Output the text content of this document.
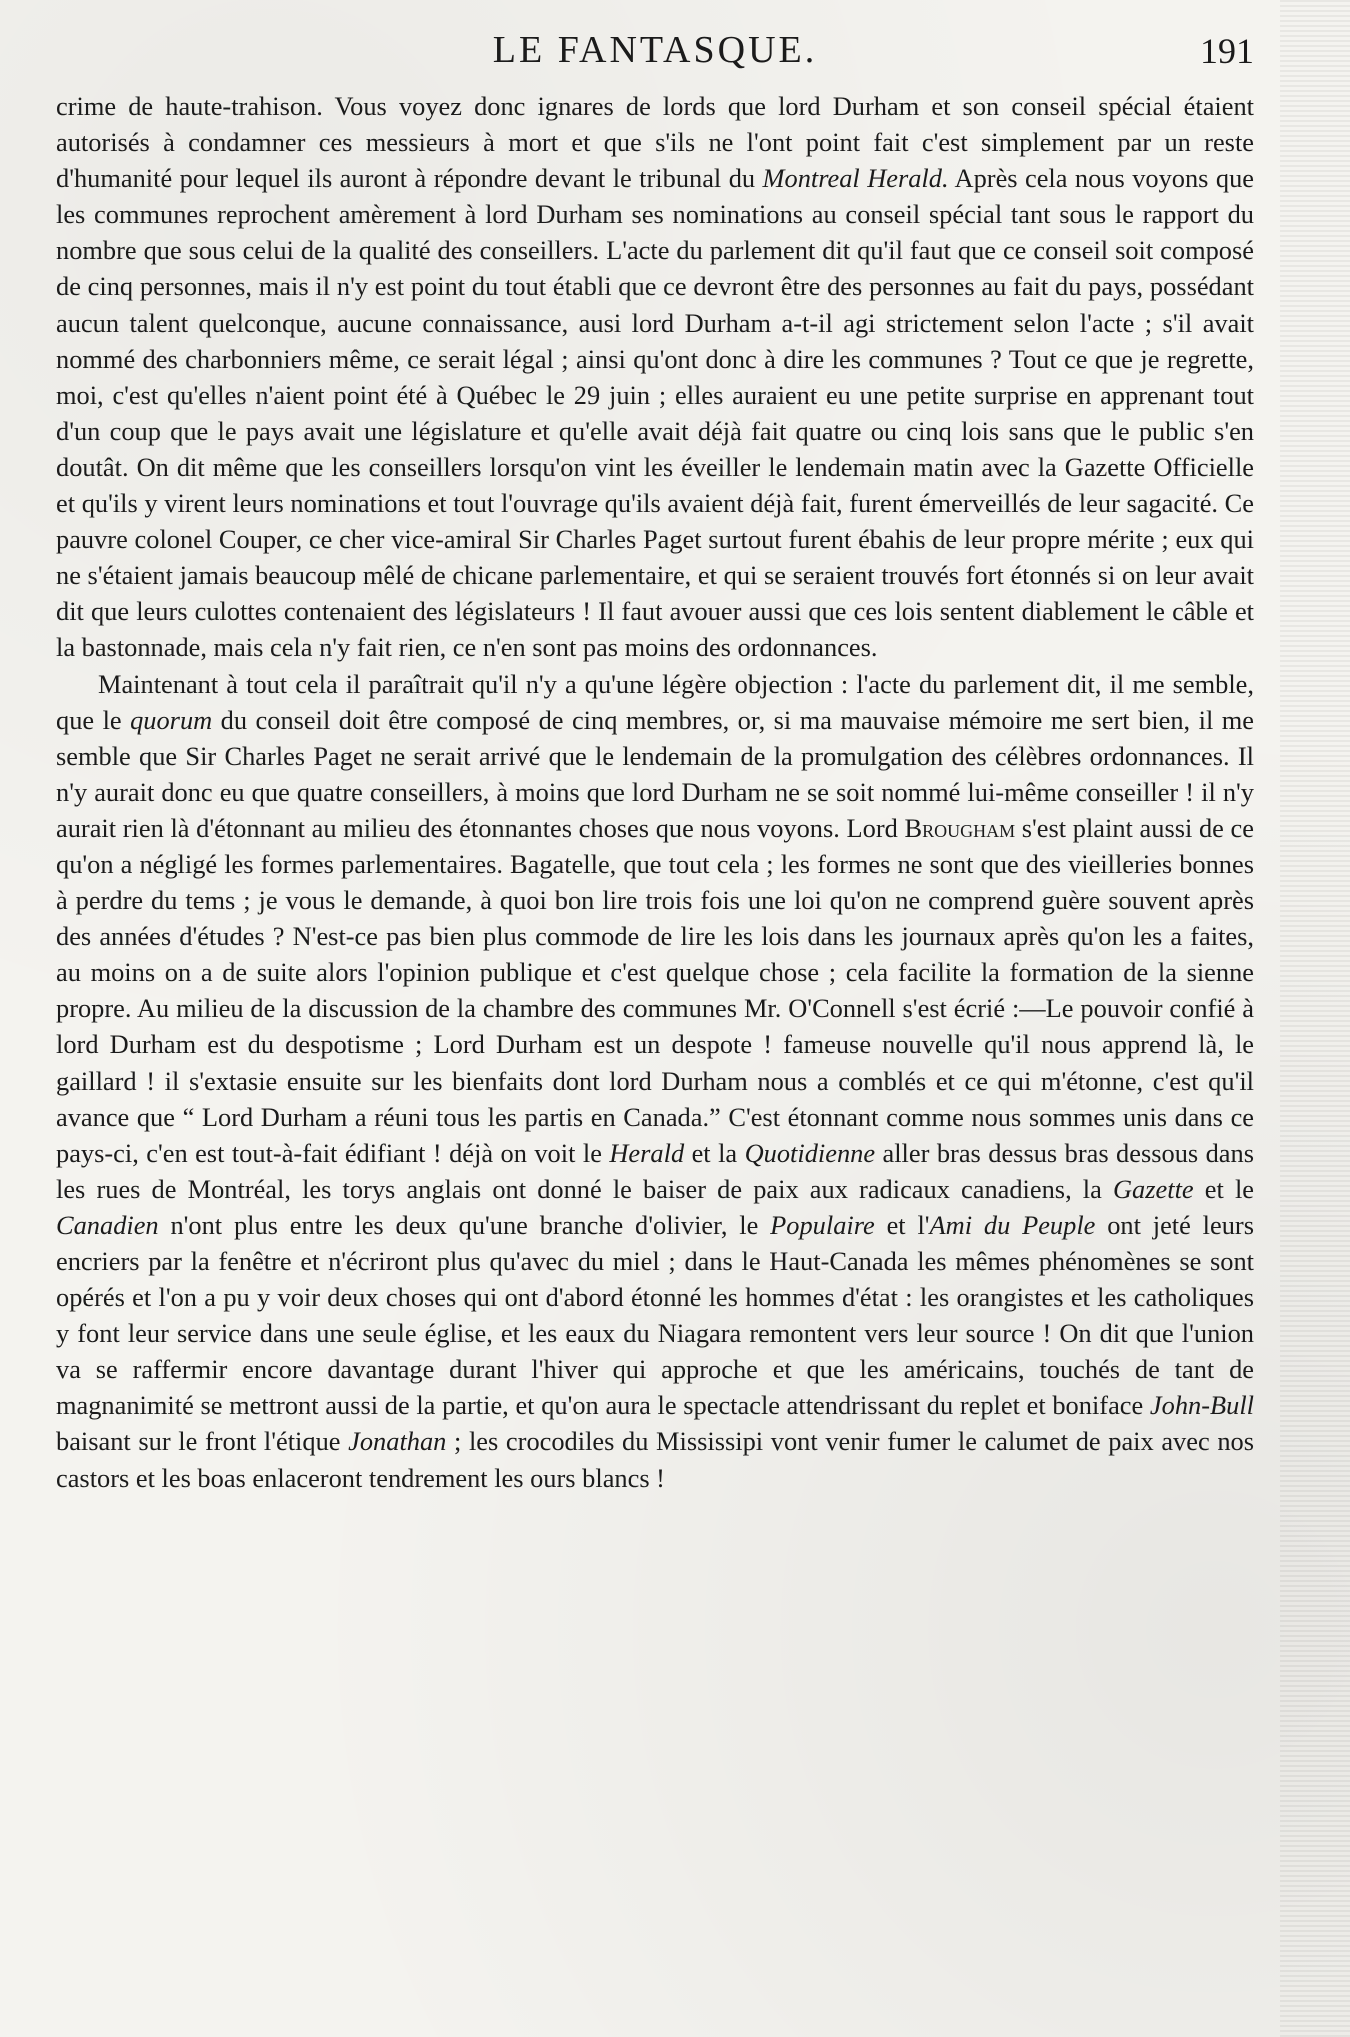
LE FANTASQUE.	191

crime de haute-trahison. Vous voyez donc ignares de lords que lord Durham et son conseil spécial étaient autorisés à condamner ces messieurs à mort et que s'ils ne l'ont point fait c'est simplement par un reste d'humanité pour lequel ils auront à répondre devant le tribunal du Montreal Herald. Après cela nous voyons que les communes reprochent amèrement à lord Durham ses nominations au conseil spécial tant sous le rapport du nombre que sous celui de la qualité des conseillers. L'acte du parlement dit qu'il faut que ce conseil soit composé de cinq personnes, mais il n'y est point du tout établi que ce devront être des personnes au fait du pays, possédant aucun talent quelconque, aucune connaissance, ausi lord Durham a-t-il agi strictement selon l'acte ; s'il avait nommé des charbonniers même, ce serait légal ; ainsi qu'ont donc à dire les communes ? Tout ce que je regrette, moi, c'est qu'elles n'aient point été à Québec le 29 juin ; elles auraient eu une petite surprise en apprenant tout d'un coup que le pays avait une législature et qu'elle avait déjà fait quatre ou cinq lois sans que le public s'en doutât. On dit même que les conseillers lorsqu'on vint les éveiller le lendemain matin avec la Gazette Officielle et qu'ils y virent leurs nominations et tout l'ouvrage qu'ils avaient déjà fait, furent émerveillés de leur sagacité. Ce pauvre colonel Couper, ce cher vice-amiral Sir Charles Paget surtout furent ébahis de leur propre mérite ; eux qui ne s'étaient jamais beaucoup mêlé de chicane parlementaire, et qui se seraient trouvés fort étonnés si on leur avait dit que leurs culottes contenaient des législateurs ! Il faut avouer aussi que ces lois sentent diablement le câble et la bastonnade, mais cela n'y fait rien, ce n'en sont pas moins des ordonnances.

Maintenant à tout cela il paraîtrait qu'il n'y a qu'une légère objection : l'acte du parlement dit, il me semble, que le quorum du conseil doit être composé de cinq membres, or, si ma mauvaise mémoire me sert bien, il me semble que Sir Charles Paget ne serait arrivé que le lendemain de la promulgation des célèbres ordonnances. Il n'y aurait donc eu que quatre conseillers, à moins que lord Durham ne se soit nommé lui-même conseiller ! il n'y aurait rien là d'étonnant au milieu des étonnantes choses que nous voyons. Lord Brougham s'est plaint aussi de ce qu'on a négligé les formes parlementaires. Bagatelle, que tout cela ; les formes ne sont que des vieilleries bonnes à perdre du tems ; je vous le demande, à quoi bon lire trois fois une loi qu'on ne comprend guère souvent après des années d'études ? N'est-ce pas bien plus commode de lire les lois dans les journaux après qu'on les a faites, au moins on a de suite alors l'opinion publique et c'est quelque chose ; cela facilite la formation de la sienne propre. Au milieu de la discussion de la chambre des communes Mr. O'Connell s'est écrié :—Le pouvoir confié à lord Durham est du despotisme ; Lord Durham est un despote ! fameuse nouvelle qu'il nous apprend là, le gaillard ! il s'extasie ensuite sur les bienfaits dont lord Durham nous a comblés et ce qui m'étonne, c'est qu'il avance que “ Lord Durham a réuni tous les partis en Canada.” C'est étonnant comme nous sommes unis dans ce pays-ci, c'en est tout-à-fait édifiant ! déjà on voit le Herald et la Quotidienne aller bras dessus bras dessous dans les rues de Montréal, les torys anglais ont donné le baiser de paix aux radicaux canadiens, la Gazette et le Canadien n'ont plus entre les deux qu'une branche d'olivier, le Populaire et l'Ami du Peuple ont jeté leurs encriers par la fenêtre et n'écriront plus qu'avec du miel ; dans le Haut-Canada les mêmes phénomènes se sont opérés et l'on a pu y voir deux choses qui ont d'abord étonné les hommes d'état : les orangistes et les catholiques y font leur service dans une seule église, et les eaux du Niagara remontent vers leur source ! On dit que l'union va se raffermir encore davantage durant l'hiver qui approche et que les américains, touchés de tant de magnanimité se mettront aussi de la partie, et qu'on aura le spectacle attendrissant du replet et boniface John-Bull baisant sur le front l'étique Jonathan ; les crocodiles du Mississipi vont venir fumer le calumet de paix avec nos castors et les boas enlaceront tendrement les ours blancs !
